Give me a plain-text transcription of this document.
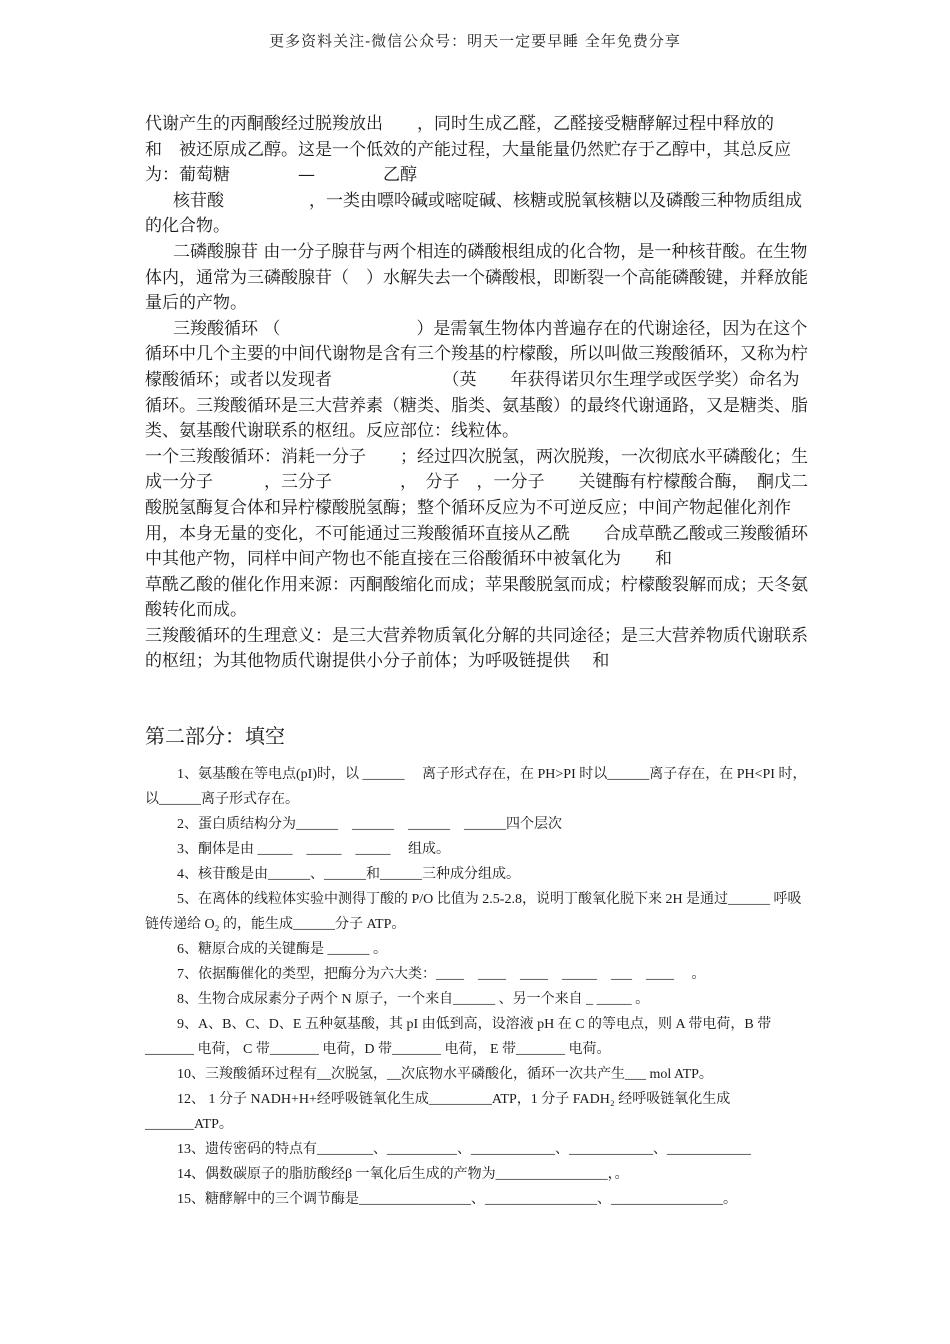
更多资料关注-微信公众号：明天一定要早睡 全年免费分享

代谢产生的丙酮酸经过脱羧放出　　，同时生成乙醛，乙醛接受糖酵解过程中释放的　　和　被还原成乙醇。这是一个低效的产能过程，大量能量仍然贮存于乙醇中，其总反应为：葡萄糖　　　　—　　　　乙醇

核苷酸　　　　　，一类由嘌呤碱或嘧啶碱、核糖或脱氧核糖以及磷酸三种物质组成的化合物。

二磷酸腺苷 由一分子腺苷与两个相连的磷酸根组成的化合物，是一种核苷酸。在生物体内，通常为三磷酸腺苷（　）水解失去一个磷酸根，即断裂一个高能磷酸键，并释放能量后的产物。

三羧酸循环 （　　　　　　　　）是需氧生物体内普遍存在的代谢途径，因为在这个循环中几个主要的中间代谢物是含有三个羧基的柠檬酸，所以叫做三羧酸循环，又称为柠檬酸循环；或者以发现者　　　　　　　（英　　年获得诺贝尔生理学或医学奖）命名为　　　循环。三羧酸循环是三大营养素（糖类、脂类、氨基酸）的最终代谢通路，又是糖类、脂类、氨基酸代谢联系的枢纽。反应部位：线粒体。

一个三羧酸循环：消耗一分子　　；经过四次脱氢，两次脱羧，一次彻底水平磷酸化；生成一分子　　　，三分子　　　　，　分子　，一分子　　关键酶有柠檬酸合酶，　酮戊二酸脱氢酶复合体和异柠檬酸脱氢酶；整个循环反应为不可逆反应；中间产物起催化剂作用，本身无量的变化，不可能通过三羧酸循环直接从乙酰　　合成草酰乙酸或三羧酸循环中其他产物，同样中间产物也不能直接在三俗酸循环中被氧化为　　和

草酰乙酸的催化作用来源：丙酮酸缩化而成；苹果酸脱氢而成；柠檬酸裂解而成；天冬氨酸转化而成。

三羧酸循环的生理意义：是三大营养物质氧化分解的共同途径；是三大营养物质代谢联系的枢纽；为其他物质代谢提供小分子前体；为呼吸链提供　 和

第二部分：填空

1、氨基酸在等电点(pI)时，以 ______　 离子形式存在，在 PH>PI 时以______离子存在，在 PH<PI 时，以______离子形式存在。

2、蛋白质结构分为______　______　______　______四个层次

3、酮体是由 _____　_____　_____　 组成。

4、核苷酸是由______、______和______三种成分组成。

5、在离体的线粒体实验中测得丁酸的 P/O 比值为 2.5-2.8，说明丁酸氧化脱下来 2H 是通过______ 呼吸链传递给 O₂ 的，能生成______分子 ATP。

6、糖原合成的关键酶是 ______ 。

7、依据酶催化的类型，把酶分为六大类：____　____　____　_____　___　____　 。

8、生物合成尿素分子两个 N 原子，一个来自______ 、另一个来自 _ _____ 。

9、A、B、C、D、E 五种氨基酸，其 pI 由低到高，设溶液 pH 在 C 的等电点，则 A 带电荷，B 带_______ 电荷， C 带_______ 电荷，D 带_______ 电荷， E 带_______ 电荷。

10、三羧酸循环过程有__次脱氢，__次底物水平磷酸化，循环一次共产生___ mol ATP。

12、 1 分子 NADH+H+经呼吸链氧化生成_________ATP，1 分子 FADH₂ 经呼吸链氧化生成_______ATP。

13、遗传密码的特点有________、__________、____________、____________、____________

14、偶数碳原子的脂肪酸经β 一氧化后生成的产物为________________，。

15、糖酵解中的三个调节酶是________________、________________、________________。
